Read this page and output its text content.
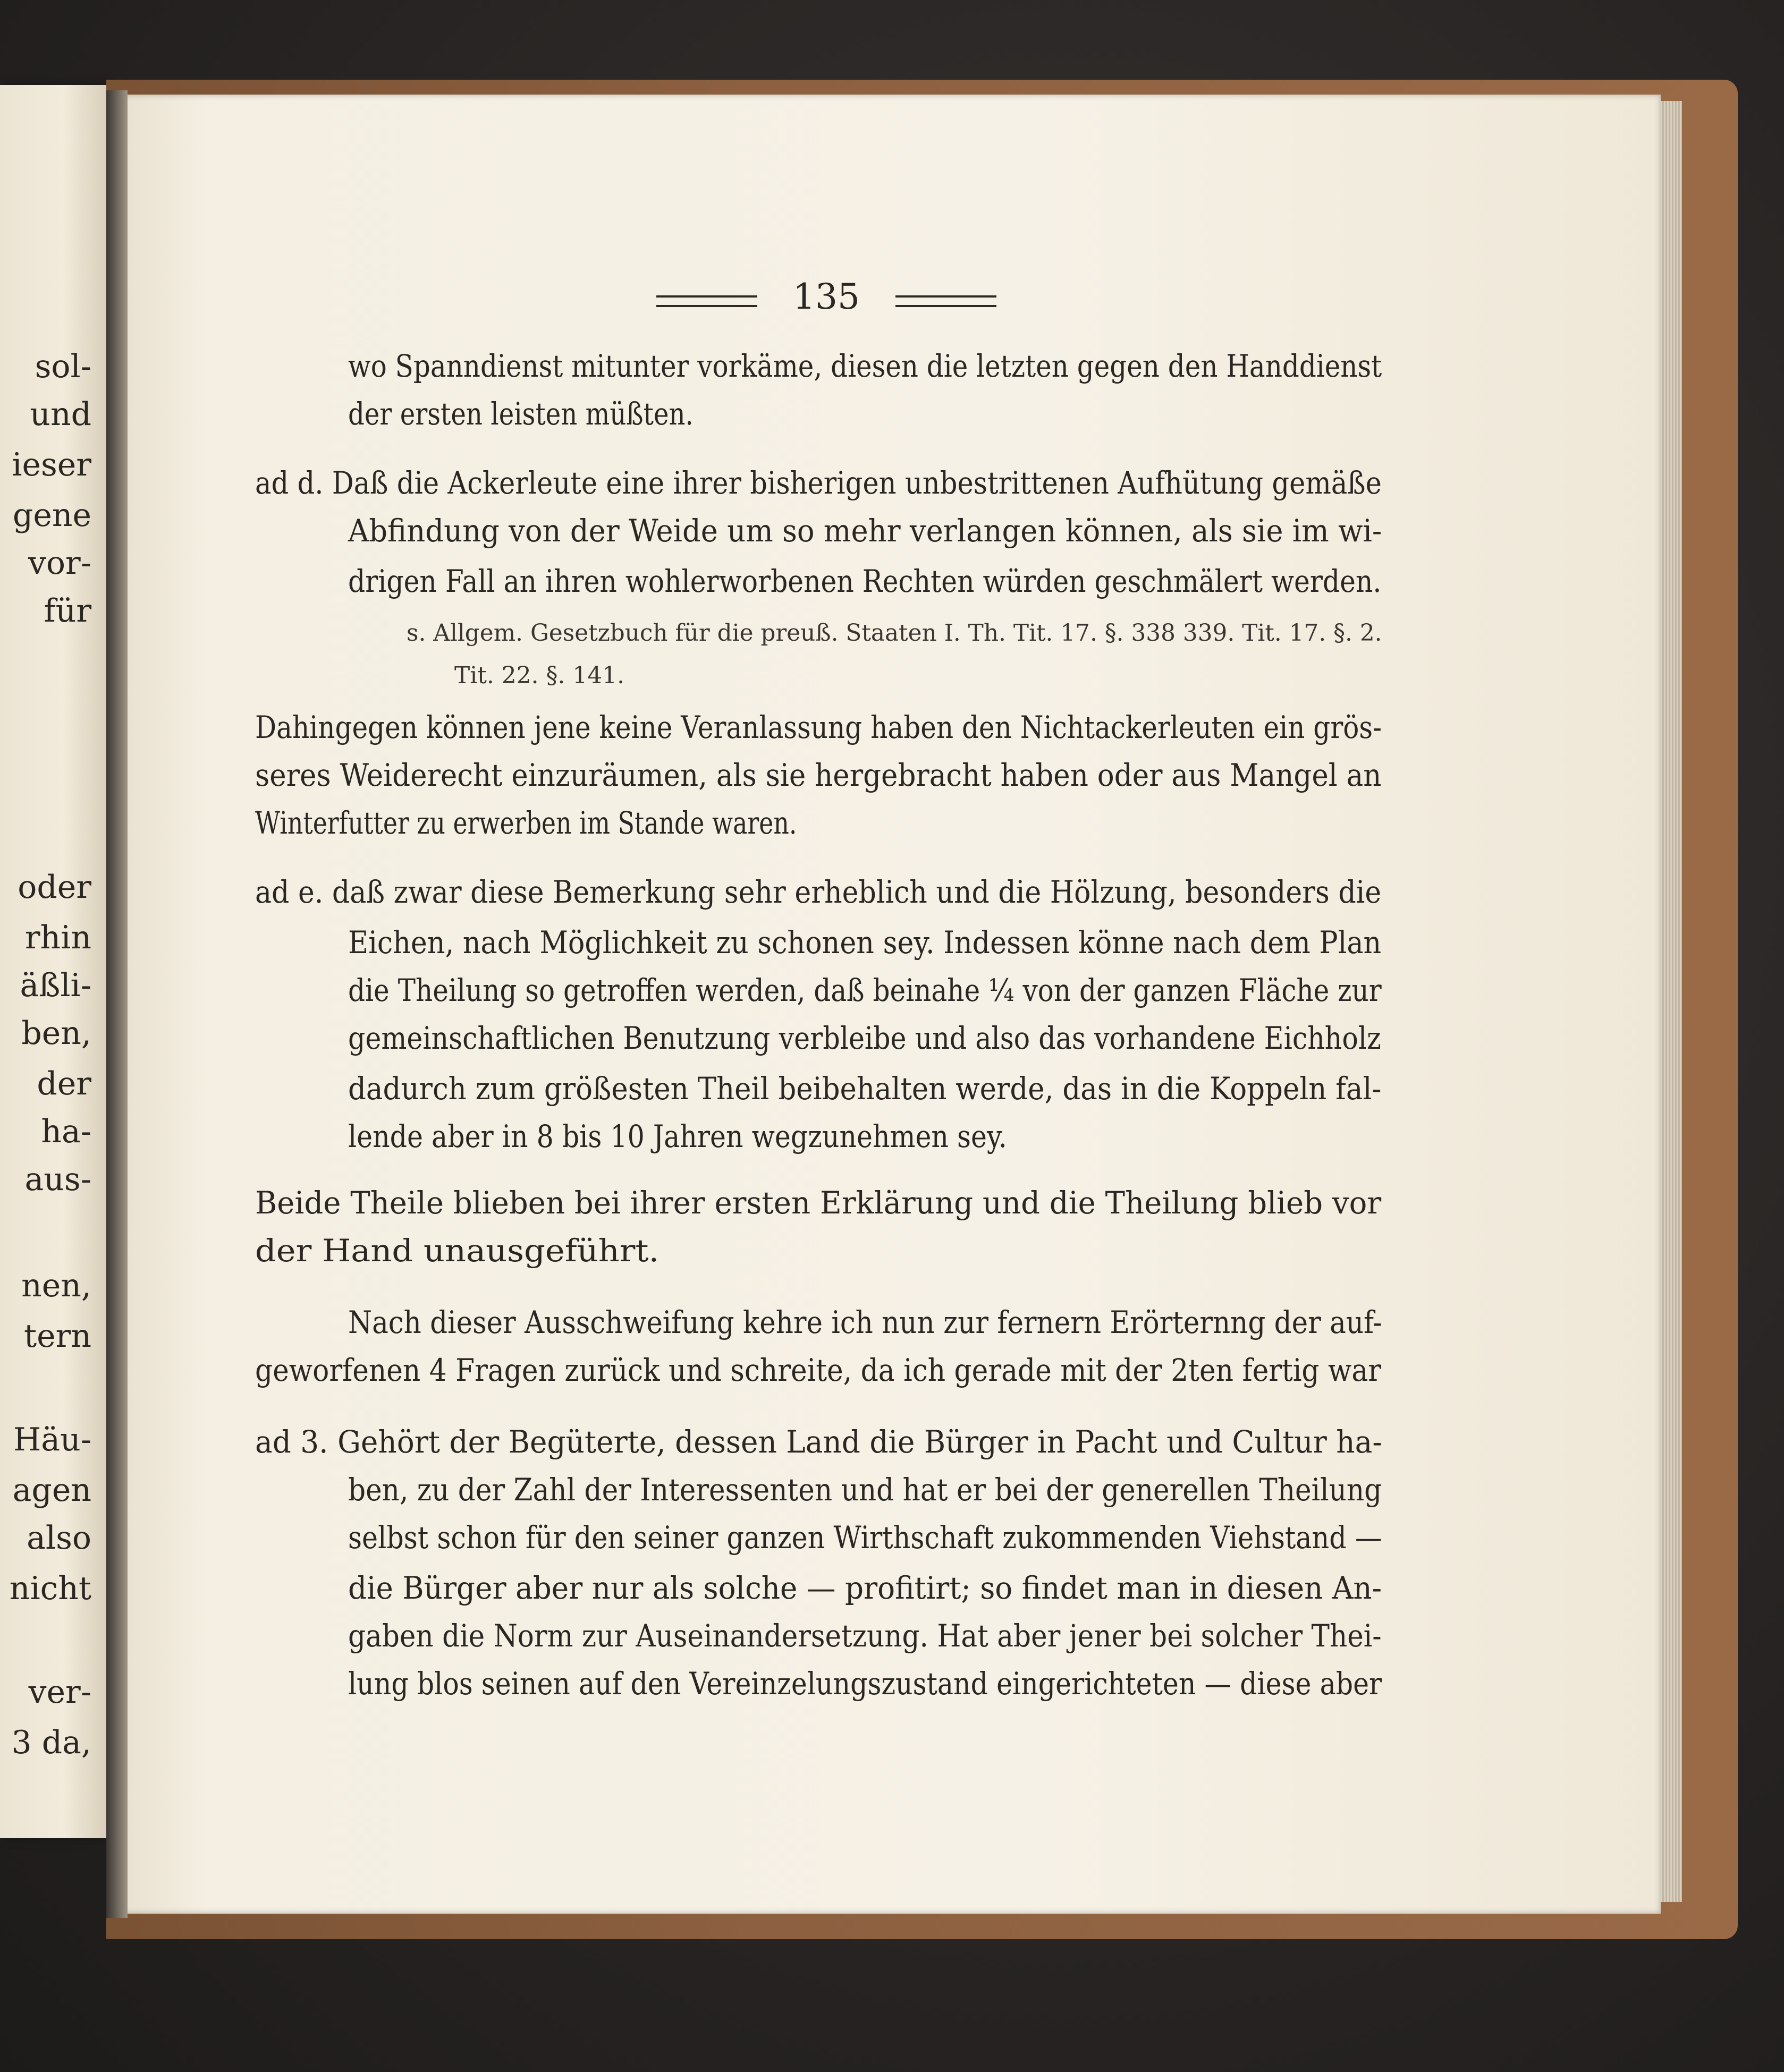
sol-
und
ieser
gene
vor-
für
oder
rhin
äßli-
ben,
der
ha-
aus-
nen,
tern
Häu-
agen
also
nicht
ver-
3 da,
135
wo Spanndienst mitunter vorkäme, diesen die letzten gegen den Handdienst
der ersten leisten müßten.
ad d. Daß die Ackerleute eine ihrer bisherigen unbestrittenen Aufhütung gemäße
Abfindung von der Weide um so mehr verlangen können, als sie im wi-
drigen Fall an ihren wohlerworbenen Rechten würden geschmälert werden.
s. Allgem. Gesetzbuch für die preuß. Staaten I. Th. Tit. 17. §. 338 339. Tit. 17. §. 2.
Tit. 22. §. 141.
Dahingegen können jene keine Veranlassung haben den Nichtackerleuten ein grös-
seres Weiderecht einzuräumen, als sie hergebracht haben oder aus Mangel an
Winterfutter zu erwerben im Stande waren.
ad e. daß zwar diese Bemerkung sehr erheblich und die Hölzung, besonders die
Eichen, nach Möglichkeit zu schonen sey. Indessen könne nach dem Plan
die Theilung so getroffen werden, daß beinahe ¼ von der ganzen Fläche zur
gemeinschaftlichen Benutzung verbleibe und also das vorhandene Eichholz
dadurch zum größesten Theil beibehalten werde, das in die Koppeln fal-
lende aber in 8 bis 10 Jahren wegzunehmen sey.
Beide Theile blieben bei ihrer ersten Erklärung und die Theilung blieb vor
der Hand unausgeführt.
Nach dieser Ausschweifung kehre ich nun zur fernern Erörternng der auf-
geworfenen 4 Fragen zurück und schreite, da ich gerade mit der 2ten fertig war
ad 3. Gehört der Begüterte, dessen Land die Bürger in Pacht und Cultur ha-
ben, zu der Zahl der Interessenten und hat er bei der generellen Theilung
selbst schon für den seiner ganzen Wirthschaft zukommenden Viehstand —
die Bürger aber nur als solche — profitirt; so findet man in diesen An-
gaben die Norm zur Auseinandersetzung. Hat aber jener bei solcher Thei-
lung blos seinen auf den Vereinzelungszustand eingerichteten — diese aber
